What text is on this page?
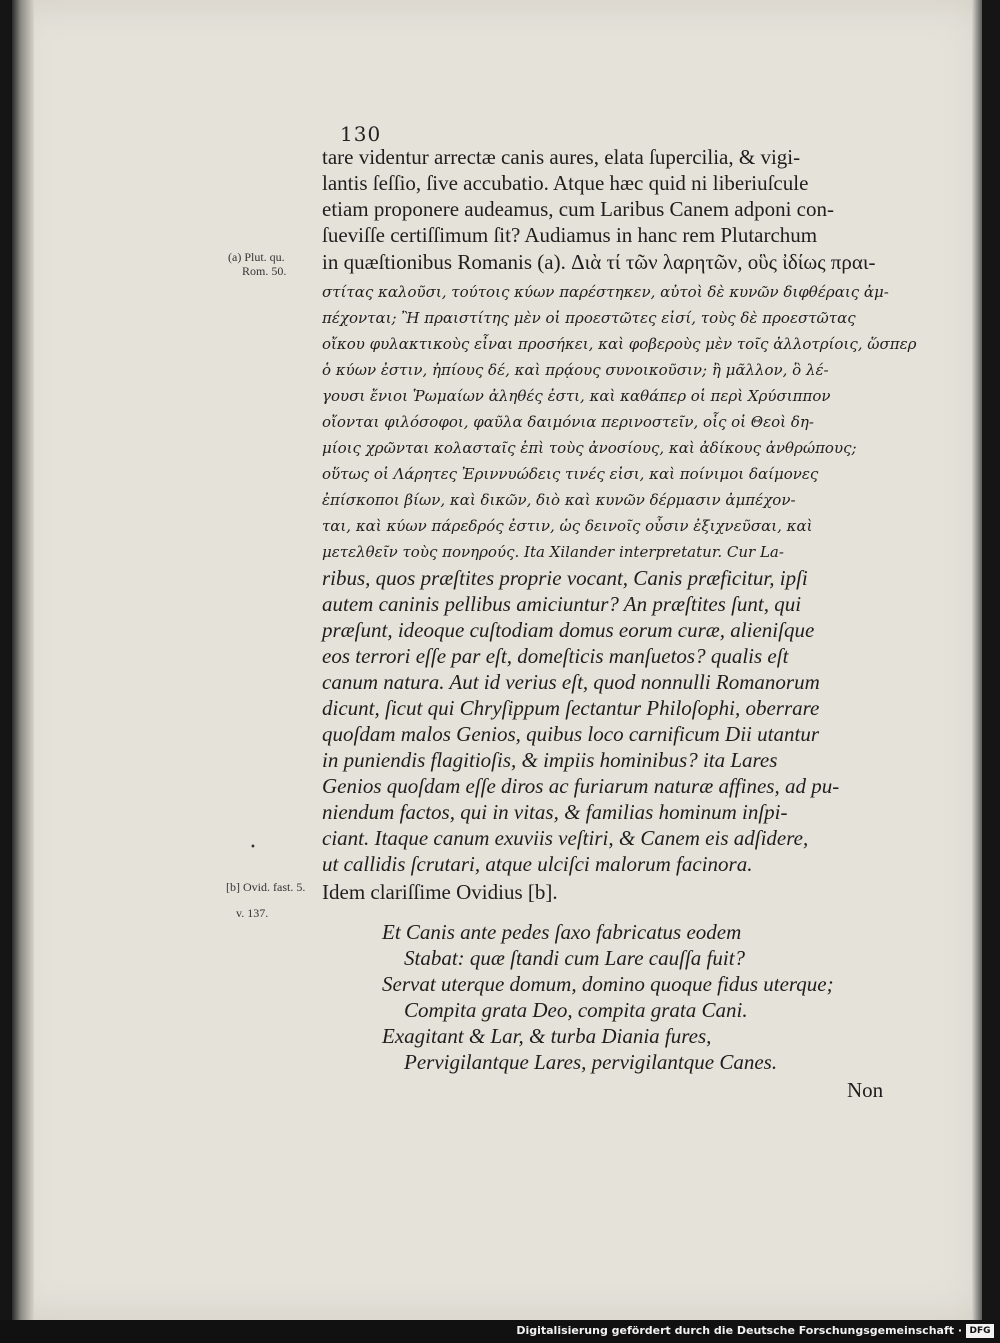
130
(a) Plut. qu.
Rom. 50.
[b] Ovid. fast. 5.
v. 137.
•
tare videntur arrectæ canis aures, elata ſupercilia, & vigi-
lantis ſeſſio, ſive accubatio. Atque hæc quid ni liberiuſcule
etiam proponere audeamus, cum Laribus Canem adponi con-
ſueviſſe certiſſimum ſit? Audiamus in hanc rem Plutarchum
in quæſtionibus Romanis (a). Διὰ τί τῶν λαρητῶν, οὓς ἰδίως πραι-
στίτας καλοῦσι, τούτοις κύων παρέστηκεν, αὐτοὶ δὲ κυνῶν διφθέραις ἀμ-
πέχονται; Ἢ πραιστίτης μὲν οἱ προεστῶτες εἰσί, τοὺς δὲ προεστῶτας
οἴκου φυλακτικοὺς εἶναι προσήκει, καὶ φοβεροὺς μὲν τοῖς ἀλλοτρίοις, ὥσπερ
ὁ κύων ἐστιν, ἠπίους δέ, καὶ πρᾴους συνοικοῦσιν; ἢ μᾶλλον, ὃ λέ-
γουσι ἔνιοι Ῥωμαίων ἀληθές ἐστι, καὶ καθάπερ οἱ περὶ Χρύσιππον
οἴονται φιλόσοφοι, φαῦλα δαιμόνια περινοστεῖν, οἷς οἱ Θεοὶ δη-
μίοις χρῶνται κολασταῖς ἐπὶ τοὺς ἀνοσίους, καὶ ἀδίκους ἀνθρώπους;
οὕτως οἱ Λάρητες Ἐριννυώδεις τινές εἰσι, καὶ ποίνιμοι δαίμονες
ἐπίσκοποι βίων, καὶ δικῶν, διὸ καὶ κυνῶν δέρμασιν ἀμπέχον-
ται, καὶ κύων πάρεδρός ἐστιν, ὡς δεινοῖς οὖσιν ἐξιχνεῦσαι, καὶ
μετελθεῖν τοὺς πονηρούς. Ita Xilander interpretatur. Cur La-
ribus, quos præſtites proprie vocant, Canis præficitur, ipſi
autem caninis pellibus amiciuntur? An præſtites ſunt, qui
præſunt, ideoque cuſtodiam domus eorum curæ, alieniſque
eos terrori eſſe par eſt, domeſticis manſuetos? qualis eſt
canum natura. Aut id verius eſt, quod nonnulli Romanorum
dicunt, ſicut qui Chryſippum ſectantur Philoſophi, oberrare
quoſdam malos Genios, quibus loco carnificum Dii utantur
in puniendis flagitioſis, & impiis hominibus? ita Lares
Genios quoſdam eſſe diros ac furiarum naturæ affines, ad pu-
niendum factos, qui in vitas, & familias hominum inſpi-
ciant. Itaque canum exuviis veſtiri, & Canem eis adſidere,
ut callidis ſcrutari, atque ulciſci malorum facinora.
Idem clariſſime Ovidius [b].
Et Canis ante pedes ſaxo fabricatus eodem
Stabat: quæ ſtandi cum Lare cauſſa fuit?
Servat uterque domum, domino quoque fidus uterque;
Compita grata Deo, compita grata Cani.
Exagitant & Lar, & turba Diania fures,
Pervigilantque Lares, pervigilantque Canes.
Non
Digitalisierung gefördert durch die Deutsche Forschungsgemeinschaft · DFG
